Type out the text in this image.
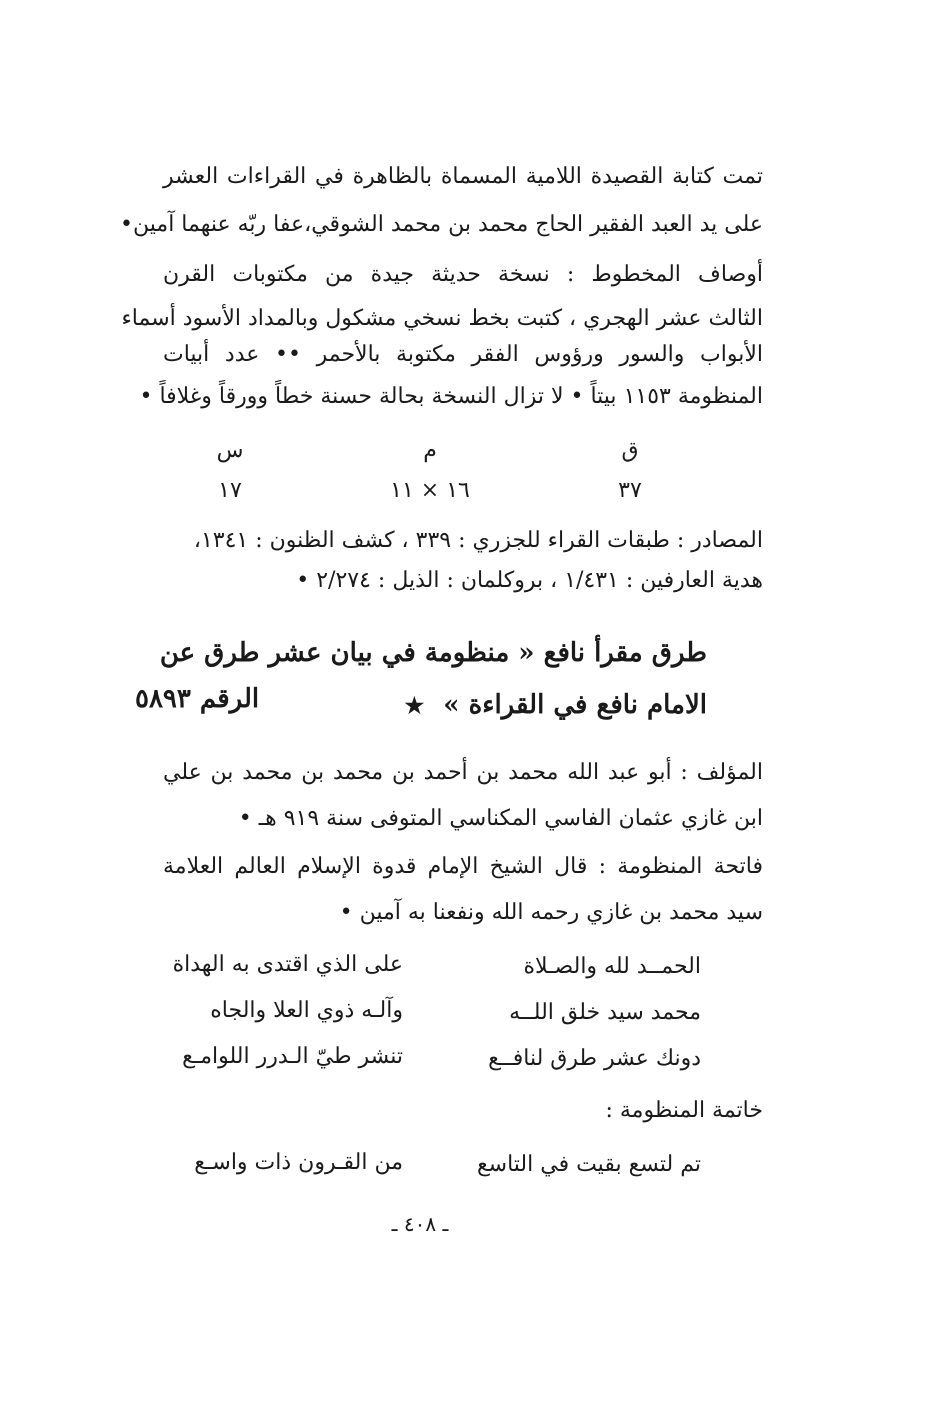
تمت كتابة القصيدة اللامية المسماة بالظاهرة في القراءات العشر
على يد العبد الفقير الحاج محمد بن محمد الشوقي،عفا ربّه عنهما آمين•
أوصاف المخطوط : نسخة حديثة جيدة من مكتوبات القرن
الثالث عشر الهجري ، كتبت بخط نسخي مشكول وبالمداد الأسود أسماء
الأبواب والسور ورؤوس الفقر مكتوبة بالأحمر •• عدد أبيات
المنظومة ١١٥٣ بيتاً • لا تزال النسخة بحالة حسنة خطاً وورقاً وغلافاً •
ق
م
س
٣٧
١٦ × ١١
١٧
المصادر : طبقات القراء للجزري : ٣٣٩ ، كشف الظنون : ١٣٤١،
هدية العارفين : ١/٤٣١ ، بروكلمان : الذيل : ٢/٢٧٤ •
طرق مقرأ نافع « منظومة في بيان عشر طرق عن
الامام نافع في القراءة » ★
الرقم ٥٨٩٣
المؤلف : أبو عبد الله محمد بن أحمد بن محمد بن محمد بن علي
ابن غازي عثمان الفاسي المكناسي المتوفى سنة ٩١٩ هـ •
فاتحة المنظومة : قال الشيخ الإمام قدوة الإسلام العالم العلامة
سيد محمد بن غازي رحمه الله ونفعنا به آمين •
الحمــد لله والصـلاة
على الذي اقتدى به الهداة
محمد سيد خلق اللــه
وآلـه ذوي العلا والجاه
دونك عشر طرق لنافــع
تنشر طيّ الـدرر اللوامـع
خاتمة المنظومة :
تم لتسع بقيت في التاسع
من القـرون ذات واسـع
ـ ٤٠٨ ـ
